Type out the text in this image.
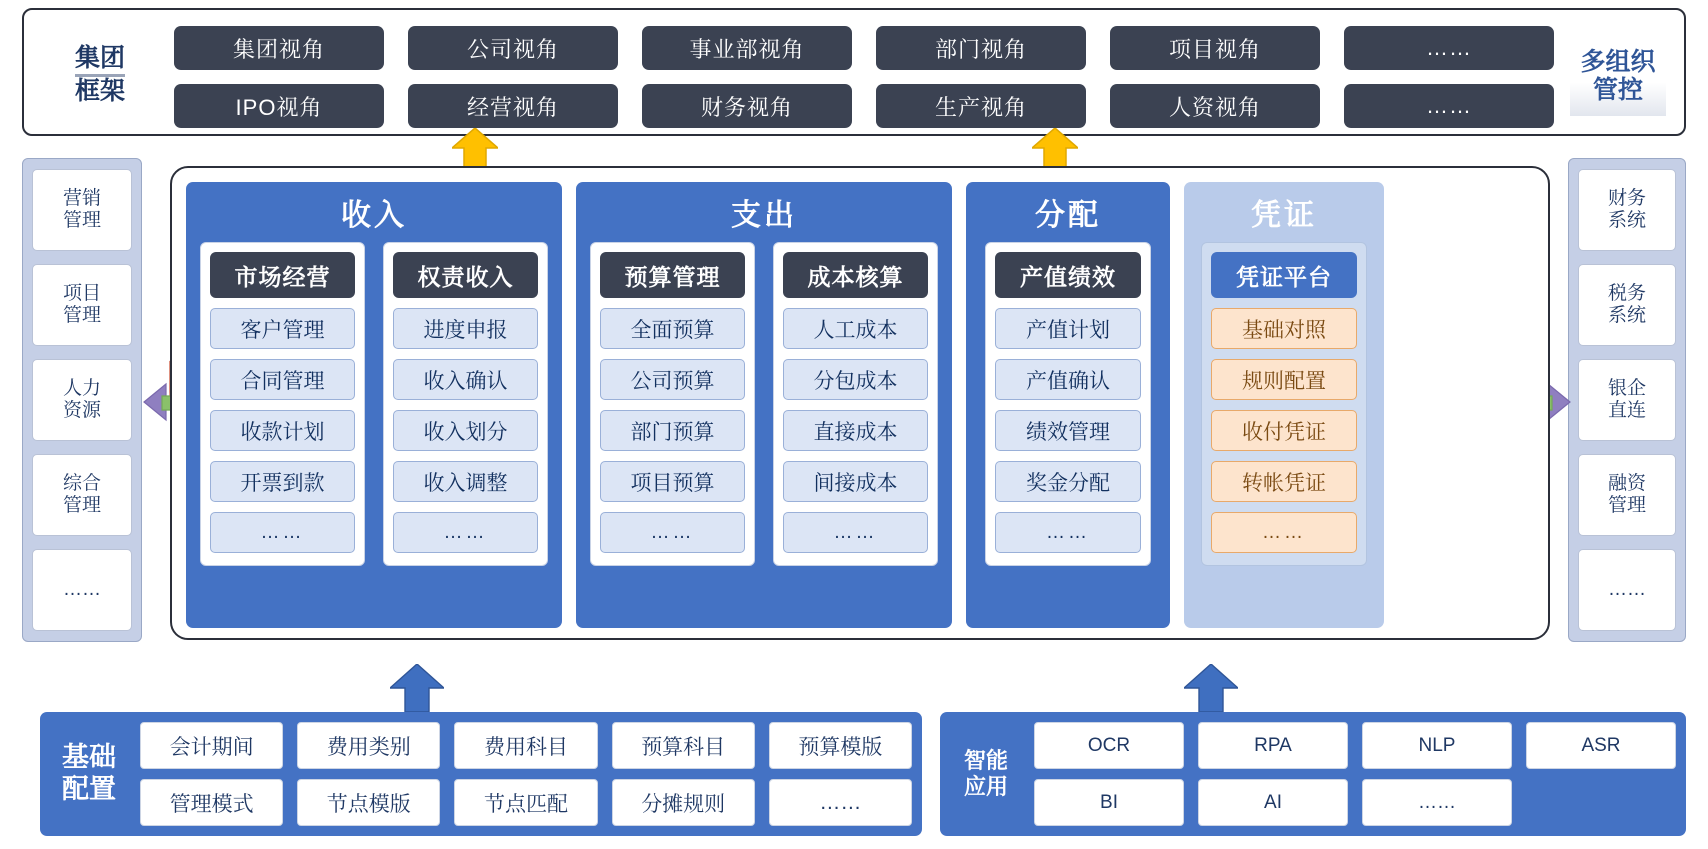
集团
框架
集团视角	公司视角	事业部视角	部门视角	项目视角	……
IPO视角	经营视角	财务视角	生产视角	人资视角	……
多组织
管控
营销
管理
项目
管理
人力
资源
综合
管理
……
财务
系统
税务
系统
银企
直连
融资
管理
……
收入
市场经营
客户管理
合同管理
收款计划
开票到款
……
权责收入
进度申报
收入确认
收入划分
收入调整
……
支出
预算管理
全面预算
公司预算
部门预算
项目预算
……
成本核算
人工成本
分包成本
直接成本
间接成本
……
分配
产值绩效
产值计划
产值确认
绩效管理
奖金分配
……
凭证
凭证平台
基础对照
规则配置
收付凭证
转帐凭证
……
基础
配置
会计期间	费用类别	费用科目	预算科目	预算模版
管理模式	节点模版	节点匹配	分摊规则	……
智能
应用
OCR	RPA	NLP	ASR
BI	AI	……
